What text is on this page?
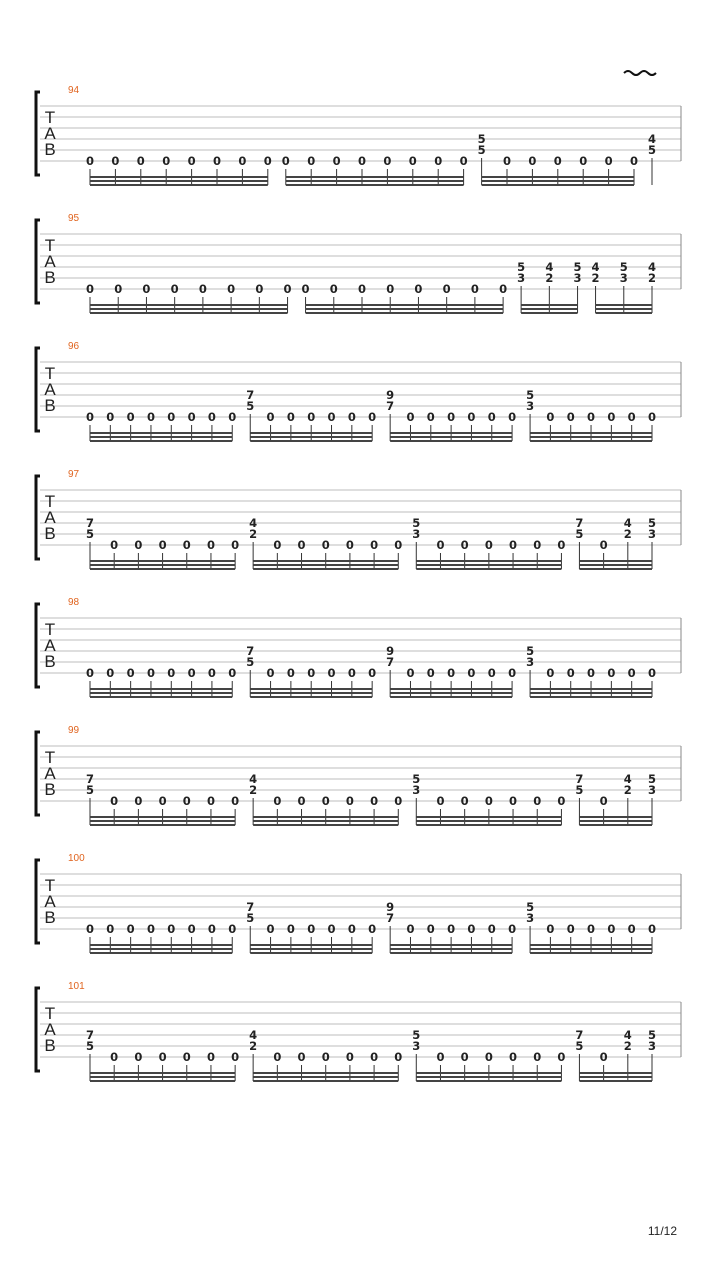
94
T
A
B
0 0 0 0 0 0 0 0 0 0 0 0 0 0 0 0
5
5
0 0 0 0 0 0
4
5
95
T
A
B
0 0 0 0 0 0 0 0 0 0 0 0 0 0 0 0
5
3
4
2
5
3
4
2
5
3
4
2
96
T
A
B
0 0 0 0 0 0 0 0
7
5
0 0 0 0 0 0
9
7
0 0 0 0 0 0
5
3
0 0 0 0 0 0
97
T
A
B
7
5
0 0 0 0 0 0
4
2
0 0 0 0 0 0
5
3
0 0 0 0 0 0
7
5
0
4
2
5
3
98
T
A
B
0 0 0 0 0 0 0 0
7
5
0 0 0 0 0 0
9
7
0 0 0 0 0 0
5
3
0 0 0 0 0 0
99
T
A
B
7
5
0 0 0 0 0 0
4
2
0 0 0 0 0 0
5
3
0 0 0 0 0 0
7
5
0
4
2
5
3
100
T
A
B
0 0 0 0 0 0 0 0
7
5
0 0 0 0 0 0
9
7
0 0 0 0 0 0
5
3
0 0 0 0 0 0
101
T
A
B
7
5
0 0 0 0 0 0
4
2
0 0 0 0 0 0
5
3
0 0 0 0 0 0
7
5
0
4
2
5
3
11/12
